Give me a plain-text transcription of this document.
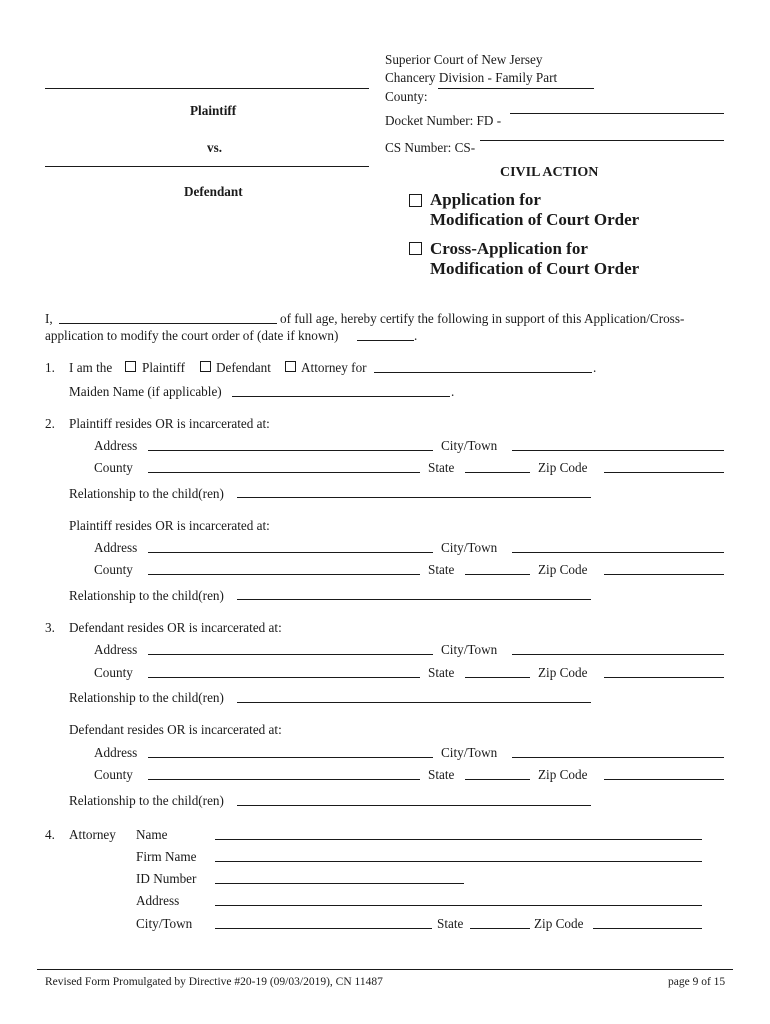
Superior Court of New Jersey
Chancery Division - Family Part
County:
Docket Number: FD -
CS Number: CS-
CIVIL ACTION
Plaintiff
vs.
Defendant	Application for
Modification of Court Order
Cross-Application for
Modification of Court Order
I,	of full age, hereby certify the following in support of this Application/Cross-
application to modify the court order of (date if known)	.
1. I am the Plaintiff Defendant Attorney for	.
Maiden Name (if applicable)	.
2. Plaintiff resides OR is incarcerated at:
Address	City/Town
County	State	Zip Code
Relationship to the child(ren)
Plaintiff resides OR is incarcerated at:
Address	City/Town
County	State	Zip Code
Relationship to the child(ren)
3. Defendant resides OR is incarcerated at:
Address	City/Town
County	State	Zip Code
Relationship to the child(ren)
Defendant resides OR is incarcerated at:
Address	City/Town
County	State	Zip Code
Relationship to the child(ren)
4. Attorney Name
Firm Name
ID Number
Address
City/Town	State	Zip Code
Revised Form Promulgated by Directive #20-19 (09/03/2019), CN 11487	page 9 of 15
